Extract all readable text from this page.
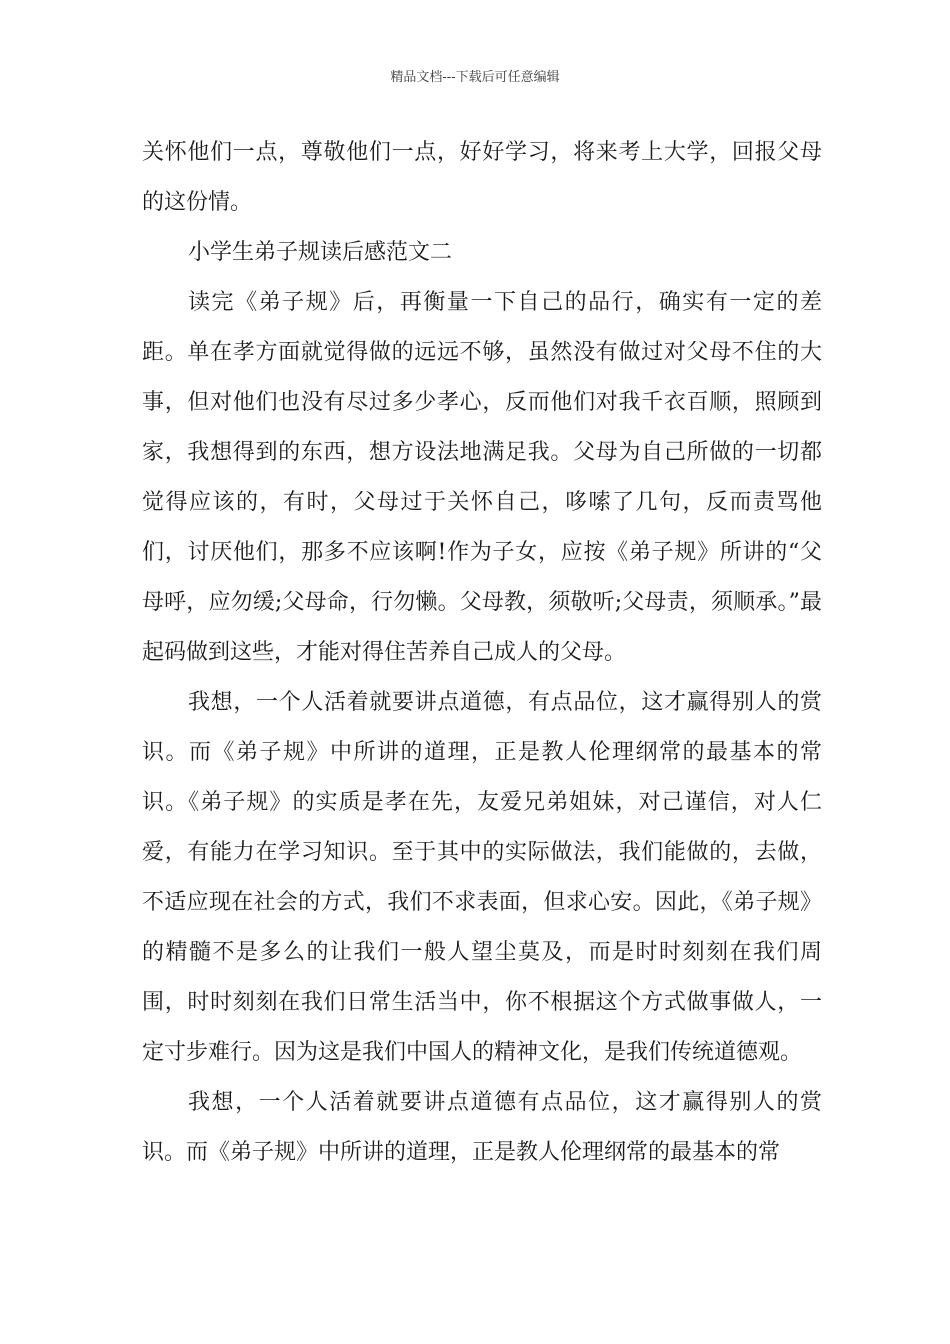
精品文档---下载后可任意编辑

关怀他们一点，尊敬他们一点，好好学习，将来考上大学，回报父母的这份情。

小学生弟子规读后感范文二

读完《弟子规》后，再衡量一下自己的品行，确实有一定的差距。单在孝方面就觉得做的远远不够，虽然没有做过对父母不住的大事，但对他们也没有尽过多少孝心，反而他们对我千衣百顺，照顾到家，我想得到的东西，想方设法地满足我。父母为自己所做的一切都觉得应该的，有时，父母过于关怀自己，哆嗦了几句，反而责骂他们，讨厌他们，那多不应该啊!作为子女，应按《弟子规》所讲的“父母呼，应勿缓;父母命，行勿懒。父母教，须敬听;父母责，须顺承。”最起码做到这些，才能对得住苦养自己成人的父母。

我想，一个人活着就要讲点道德，有点品位，这才赢得别人的赏识。而《弟子规》中所讲的道理，正是教人伦理纲常的最基本的常识。《弟子规》的实质是孝在先，友爱兄弟姐妹，对己谨信，对人仁爱，有能力在学习知识。至于其中的实际做法，我们能做的，去做，不适应现在社会的方式，我们不求表面，但求心安。因此，《弟子规》的精髓不是多么的让我们一般人望尘莫及，而是时时刻刻在我们周围，时时刻刻在我们日常生活当中，你不根据这个方式做事做人，一定寸步难行。因为这是我们中国人的精神文化，是我们传统道德观。

我想，一个人活着就要讲点道德有点品位，这才赢得别人的赏识。而《弟子规》中所讲的道理，正是教人伦理纲常的最基本的常
